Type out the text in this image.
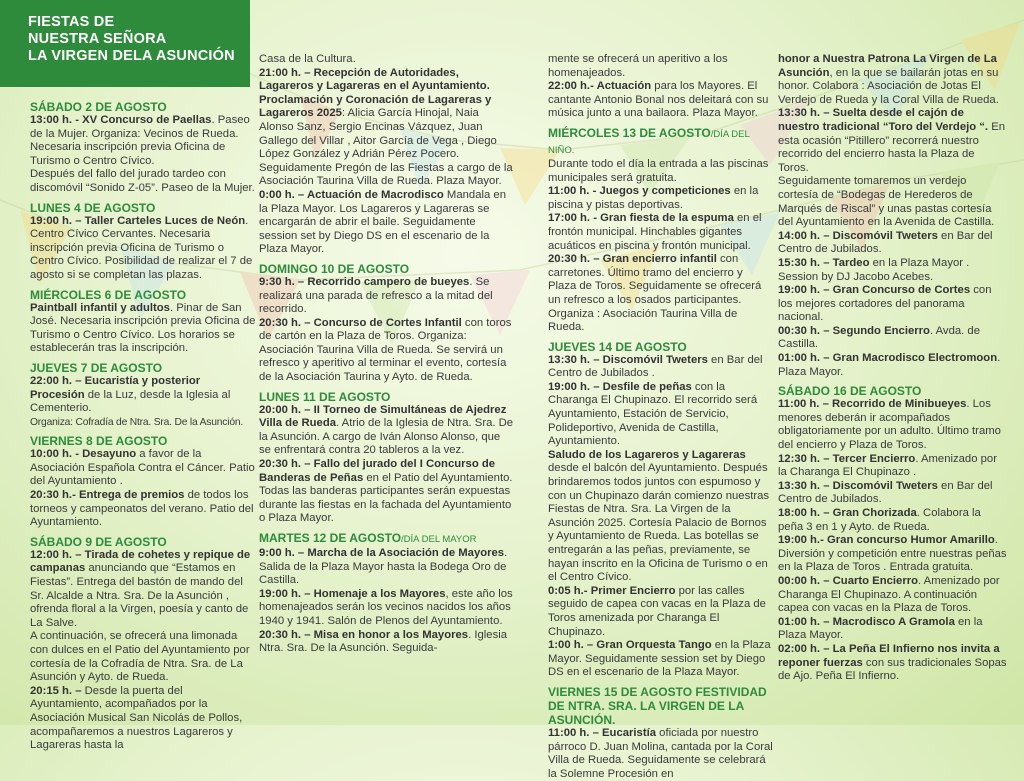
FIESTAS DE
NUESTRA SEÑORA
LA VIRGEN DELA ASUNCIÓN
SÁBADO 2 DE AGOSTO

13:00 h. - XV Concurso de Paellas. Paseo de la Mujer. Organiza: Vecinos de Rueda. Necesaria inscripción previa Oficina de Turismo o Centro Cívico.

Después del fallo del jurado tardeo con discomóvil “Sonido Z-05”. Paseo de la Mujer.

LUNES 4 DE AGOSTO

19:00 h. – Taller Carteles Luces de Neón. Centro Cívico Cervantes. Necesaria inscripción previa Oficina de Turismo o Centro Cívico. Posibilidad de realizar el 7 de agosto si se completan las plazas.

MIÉRCOLES 6 DE AGOSTO

Paintball infantil y adultos. Pinar de San José. Necesaria inscripción previa Oficina de Turismo o Centro Cívico. Los horarios se establecerán tras la inscripción.

JUEVES 7 DE AGOSTO

22:00 h. – Eucaristía y posterior Procesión de la Luz, desde la Iglesia al Cementerio.

Organiza: Cofradía de Ntra. Sra. De la Asunción.

VIERNES 8 DE AGOSTO

10:00 h. - Desayuno a favor de la Asociación Española Contra el Cáncer. Patio del Ayuntamiento .

20:30 h.- Entrega de premios de todos los torneos y campeonatos del verano. Patio del Ayuntamiento.

SÁBADO 9 DE AGOSTO

12:00 h. – Tirada de cohetes y repique de campanas anunciando que “Estamos en Fiestas”. Entrega del bastón de mando del Sr. Alcalde a Ntra. Sra. De la Asunción , ofrenda floral a la Virgen, poesía y canto de La Salve.

A continuación, se ofrecerá una limonada con dulces en el Patio del Ayuntamiento por cortesía de la Cofradía de Ntra. Sra. de La Asunción y Ayto. de Rueda.

20:15 h. – Desde la puerta del Ayuntamiento, acompañados por la Asociación Musical San Nicolás de Pollos, acompañaremos a nuestros Lagareros y Lagareras hasta la

Casa de la Cultura.

21:00 h. – Recepción de Autoridades, Lagareros y Lagareras en el Ayuntamiento. Proclamación y Coronación de Lagareras y Lagareros 2025: Alicia García Hinojal, Naia Alonso Sanz, Sergio Encinas Vázquez, Juan Gallego del Villar , Aitor García de Vega , Diego López González y Adrián Pérez Pocero.

Seguidamente Pregón de las Fiestas a cargo de la Asociación Taurina Villa de Rueda. Plaza Mayor.

0:00 h. – Actuación de Macrodisco Mandala en la Plaza Mayor. Los Lagareros y Lagareras se encargarán de abrir el baile. Seguidamente session set by Diego DS en el escenario de la Plaza Mayor.

DOMINGO 10 DE AGOSTO

9:30 h. – Recorrido campero de bueyes. Se realizará una parada de refresco a la mitad del recorrido.

20:30 h. – Concurso de Cortes Infantil con toros de cartón en la Plaza de Toros. Organiza: Asociación Taurina Villa de Rueda. Se servirá un refresco y aperitivo al terminar el evento, cortesía de la Asociación Taurina y Ayto. de Rueda.

LUNES 11 DE AGOSTO

20:00 h. – II Torneo de Simultáneas de Ajedrez Villa de Rueda. Atrio de la Iglesia de Ntra. Sra. De la Asunción. A cargo de Iván Alonso Alonso, que se enfrentará contra 20 tableros a la vez.

20:30 h. – Fallo del jurado del I Concurso de Banderas de Peñas en el Patio del Ayuntamiento. Todas las banderas participantes serán expuestas durante las fiestas en la fachada del Ayuntamiento o Plaza Mayor.

MARTES 12 DE AGOSTO/DÍA DEL MAYOR

9:00 h. – Marcha de la Asociación de Mayores. Salida de la Plaza Mayor hasta la Bodega Oro de Castilla.

19:00 h. – Homenaje a los Mayores, este año los homenajeados serán los vecinos nacidos los años 1940 y 1941. Salón de Plenos del Ayuntamiento.

20:30 h. – Misa en honor a los Mayores. Iglesia Ntra. Sra. De la Asunción. Seguida-

mente se ofrecerá un aperitivo a los homenajeados.

22:00 h.- Actuación para los Mayores. El cantante Antonio Bonal nos deleitará con su música junto a una bailaora. Plaza Mayor.

MIÉRCOLES 13 DE AGOSTO/DÍA DEL NIÑO.

Durante todo el día la entrada a las piscinas municipales será gratuita.

11:00 h. - Juegos y competiciones en la piscina y pistas deportivas.

17:00 h. - Gran fiesta de la espuma en el frontón municipal. Hinchables gigantes acuáticos en piscina y frontón municipal.

20:30 h. – Gran encierro infantil con carretones. Último tramo del encierro y Plaza de Toros. Seguidamente se ofrecerá un refresco a los osados participantes. Organiza : Asociación Taurina Villa de Rueda.

JUEVES 14 DE AGOSTO

13:30 h. – Discomóvil Tweters en Bar del Centro de Jubilados .

19:00 h. – Desfile de peñas con la Charanga El Chupinazo. El recorrido será Ayuntamiento, Estación de Servicio, Polideportivo, Avenida de Castilla, Ayuntamiento.

Saludo de los Lagareros y Lagareras desde el balcón del Ayuntamiento. Después brindaremos todos juntos con espumoso y con un Chupinazo darán comienzo nuestras Fiestas de Ntra. Sra. La Virgen de la Asunción 2025. Cortesía Palacio de Bornos y Ayuntamiento de Rueda. Las botellas se entregarán a las peñas, previamente, se hayan inscrito en la Oficina de Turismo o en el Centro Cívico.

0:05 h.- Primer Encierro por las calles seguido de capea con vacas en la Plaza de Toros amenizada por Charanga El Chupinazo.

1:00 h. – Gran Orquesta Tango en la Plaza Mayor. Seguidamente session set by Diego DS en el escenario de la Plaza Mayor.

VIERNES 15 DE AGOSTO FESTIVIDAD DE NTRA. SRA. LA VIRGEN DE LA ASUNCIÓN.

11:00 h. – Eucaristía oficiada por nuestro párroco D. Juan Molina, cantada por la Coral Villa de Rueda. Seguidamente se celebrará la Solemne Procesión en

honor a Nuestra Patrona La Virgen de La Asunción, en la que se bailarán jotas en su honor. Colabora : Asociación de Jotas El Verdejo de Rueda y la Coral Villa de Rueda.

13:30 h. – Suelta desde el cajón de nuestro tradicional “Toro del Verdejo “. En esta ocasión “Pitillero” recorrerá nuestro recorrido del encierro hasta la Plaza de Toros.

Seguidamente tomaremos un verdejo cortesía de “Bodegas de Herederos de Marqués de Riscal” y unas pastas cortesía del Ayuntamiento en la Avenida de Castilla.

14:00 h. – Discomóvil Tweters en Bar del Centro de Jubilados.

15:30 h. – Tardeo en la Plaza Mayor . Session by DJ Jacobo Acebes.

19:00 h. – Gran Concurso de Cortes con los mejores cortadores del panorama nacional.

00:30 h. – Segundo Encierro. Avda. de Castilla.

01:00 h. – Gran Macrodisco Electromoon. Plaza Mayor.

SÁBADO 16 DE AGOSTO

11:00 h. – Recorrido de Minibueyes. Los menores deberán ir acompañados obligatoriamente por un adulto. Último tramo del encierro y Plaza de Toros.

12:30 h. – Tercer Encierro. Amenizado por la Charanga El Chupinazo .

13:30 h. – Discomóvil Tweters en Bar del Centro de Jubilados.

18:00 h. – Gran Chorizada. Colabora la peña 3 en 1 y Ayto. de Rueda.

19:00 h.- Gran concurso Humor Amarillo. Diversión y competición entre nuestras peñas en la Plaza de Toros . Entrada gratuita.

00:00 h. – Cuarto Encierro. Amenizado por Charanga El Chupinazo. A continuación capea con vacas en la Plaza de Toros.

01:00 h. – Macrodisco A Gramola en la Plaza Mayor.

02:00 h. – La Peña El Infierno nos invita a reponer fuerzas con sus tradicionales Sopas de Ajo. Peña El Infierno.
